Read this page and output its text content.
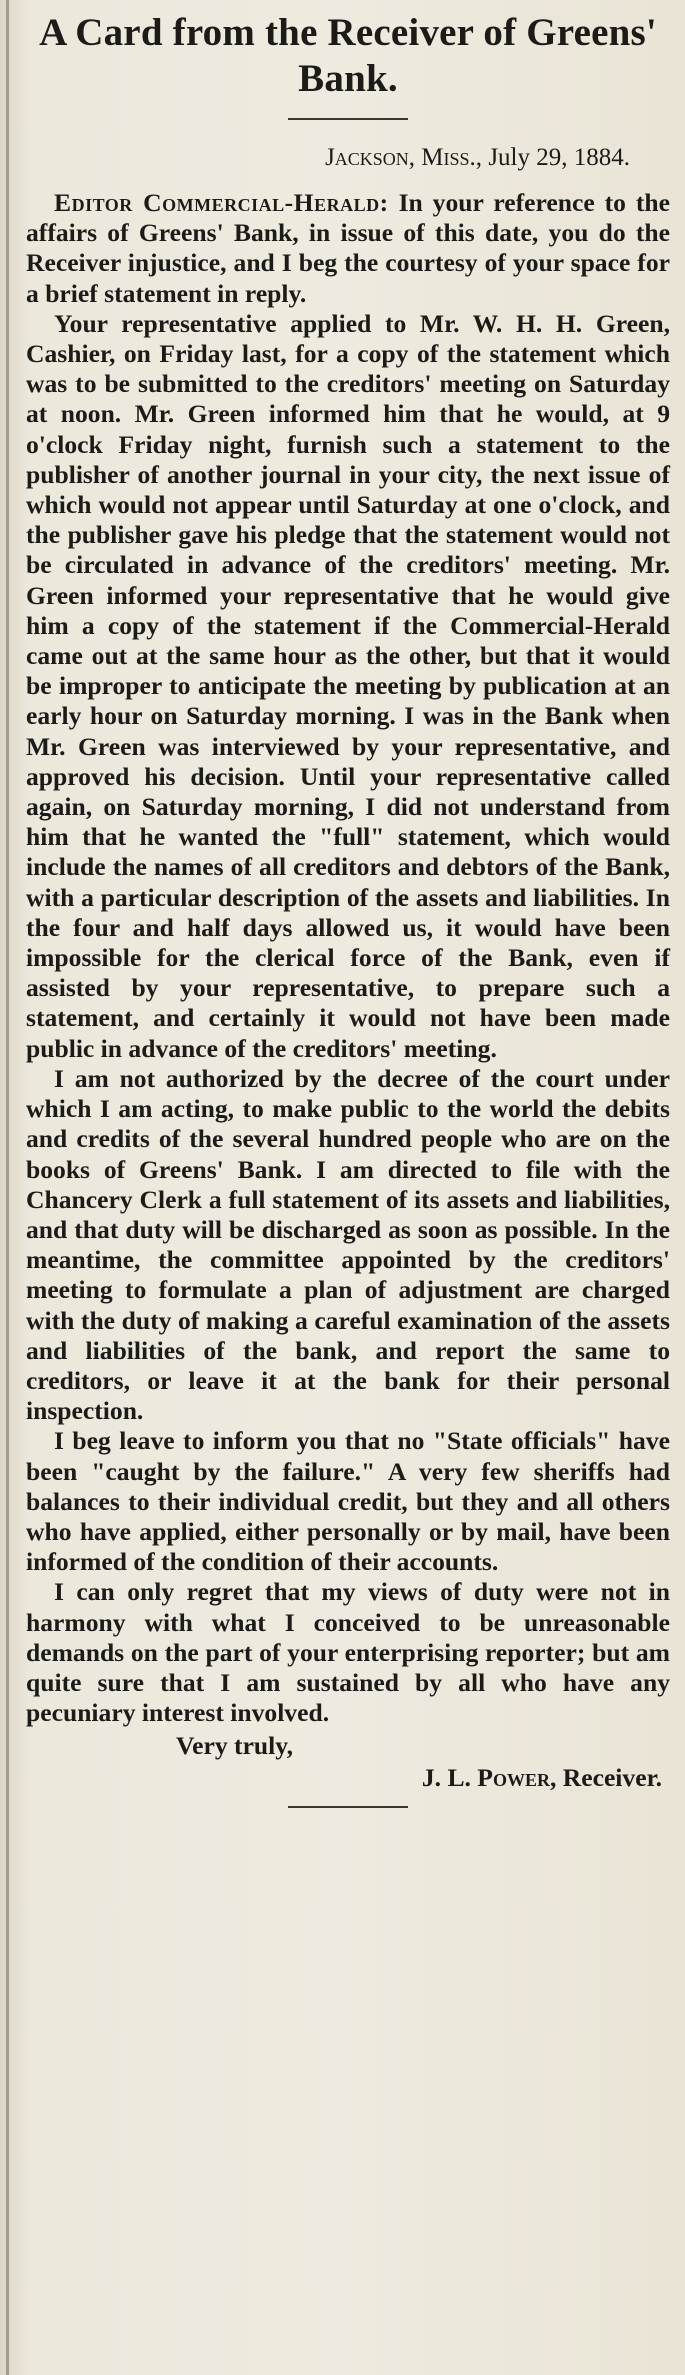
A Card from the Receiver of Greens' Bank.

Jackson, Miss., July 29, 1884.

Editor Commercial-Herald: In your reference to the affairs of Greens' Bank, in issue of this date, you do the Receiver injustice, and I beg the courtesy of your space for a brief statement in reply.

Your representative applied to Mr. W. H. H. Green, Cashier, on Friday last, for a copy of the statement which was to be submitted to the creditors' meeting on Saturday at noon. Mr. Green informed him that he would, at 9 o'clock Friday night, furnish such a statement to the publisher of another journal in your city, the next issue of which would not appear until Saturday at one o'clock, and the publisher gave his pledge that the statement would not be circulated in advance of the creditors' meeting. Mr. Green informed your representative that he would give him a copy of the statement if the Commercial-Herald came out at the same hour as the other, but that it would be improper to anticipate the meeting by publication at an early hour on Saturday morning. I was in the Bank when Mr. Green was interviewed by your representative, and approved his decision. Until your representative called again, on Saturday morning, I did not understand from him that he wanted the "full" statement, which would include the names of all creditors and debtors of the Bank, with a particular description of the assets and liabilities. In the four and half days allowed us, it would have been impossible for the clerical force of the Bank, even if assisted by your representative, to prepare such a statement, and certainly it would not have been made public in advance of the creditors' meeting.

I am not authorized by the decree of the court under which I am acting, to make public to the world the debits and credits of the several hundred people who are on the books of Greens' Bank. I am directed to file with the Chancery Clerk a full statement of its assets and liabilities, and that duty will be discharged as soon as possible. In the meantime, the committee appointed by the creditors' meeting to formulate a plan of adjustment are charged with the duty of making a careful examination of the assets and liabilities of the bank, and report the same to creditors, or leave it at the bank for their personal inspection.

I beg leave to inform you that no "State officials" have been "caught by the failure." A very few sheriffs had balances to their individual credit, but they and all others who have applied, either personally or by mail, have been informed of the condition of their accounts.

I can only regret that my views of duty were not in harmony with what I conceived to be unreasonable demands on the part of your enterprising reporter; but am quite sure that I am sustained by all who have any pecuniary interest involved.

Very truly,

J. L. Power, Receiver.
